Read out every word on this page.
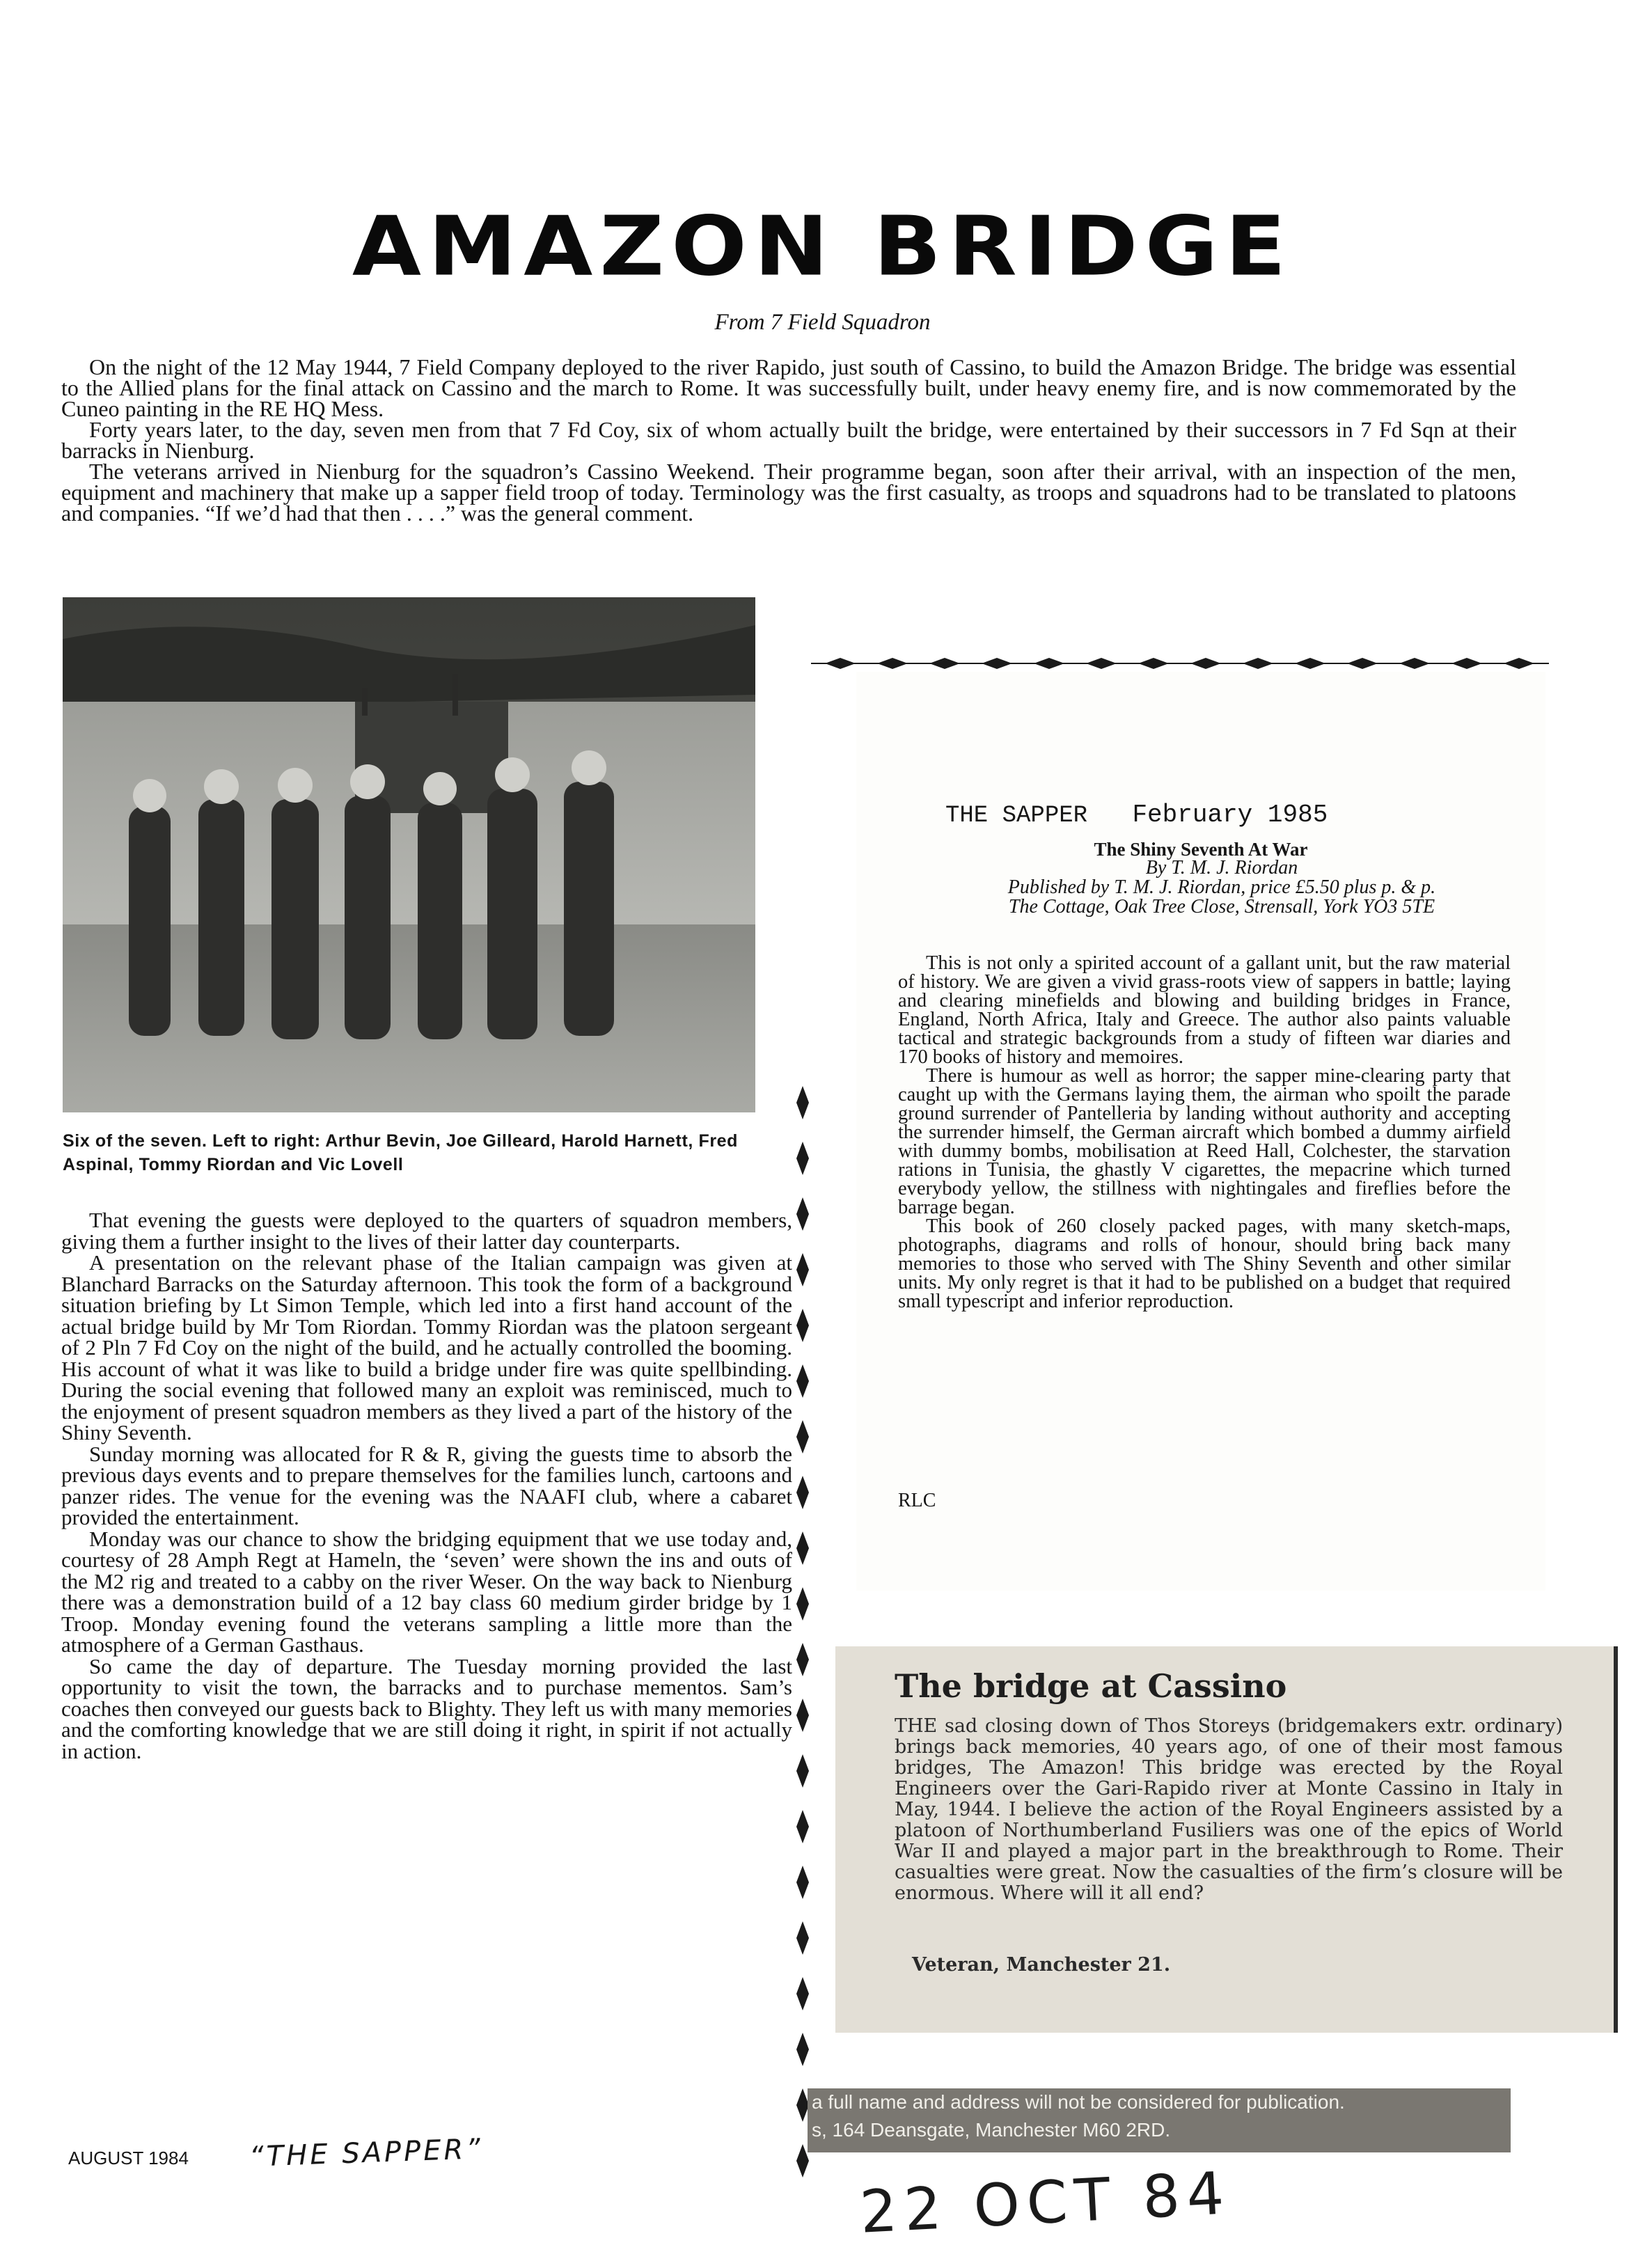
AMAZON BRIDGE
From 7 Field Squadron

On the night of the 12 May 1944, 7 Field Company deployed to the river Rapido, just south of Cassino, to build the Amazon Bridge. The bridge was essential to the Allied plans for the final attack on Cassino and the march to Rome. It was successfully built, under heavy enemy fire, and is now commemorated by the Cuneo painting in the RE HQ Mess.

Forty years later, to the day, seven men from that 7 Fd Coy, six of whom actually built the bridge, were entertained by their successors in 7 Fd Sqn at their barracks in Nienburg.

The veterans arrived in Nienburg for the squadron’s Cassino Weekend. Their programme began, soon after their arrival, with an inspection of the men, equipment and machinery that make up a sapper field troop of today. Terminology was the first casualty, as troops and squadrons had to be translated to platoons and companies. “If we’d had that then . . . .” was the general comment.

Six of the seven. Left to right: Arthur Bevin, Joe Gilleard, Harold Harnett, Fred Aspinal, Tommy Riordan and Vic Lovell

That evening the guests were deployed to the quarters of squadron members, giving them a further insight to the lives of their latter day counterparts.

A presentation on the relevant phase of the Italian campaign was given at Blanchard Barracks on the Saturday afternoon. This took the form of a background situation briefing by Lt Simon Temple, which led into a first hand account of the actual bridge build by Mr Tom Riordan. Tommy Riordan was the platoon sergeant of 2 Pln 7 Fd Coy on the night of the build, and he actually controlled the booming. His account of what it was like to build a bridge under fire was quite spellbinding. During the social evening that followed many an exploit was reminisced, much to the enjoyment of present squadron members as they lived a part of the history of the Shiny Seventh.

Sunday morning was allocated for R & R, giving the guests time to absorb the previous days events and to prepare themselves for the families lunch, cartoons and panzer rides. The venue for the evening was the NAAFI club, where a cabaret provided the entertainment.

Monday was our chance to show the bridging equipment that we use today and, courtesy of 28 Amph Regt at Hameln, the ‘seven’ were shown the ins and outs of the M2 rig and treated to a cabby on the river Weser. On the way back to Nienburg there was a demonstration build of a 12 bay class 60 medium girder bridge by 1 Troop. Monday evening found the veterans sampling a little more than the atmosphere of a German Gasthaus.

So came the day of departure. The Tuesday morning provided the last opportunity to visit the town, the barracks and to purchase mementos. Sam’s coaches then conveyed our guests back to Blighty. They left us with many memories and the comforting knowledge that we are still doing it right, in spirit if not actually in action.

AUGUST 1984 “THE SAPPER”
THE SAPPER February 1985
The Shiny Seventh At War
By T. M. J. Riordan
Published by T. M. J. Riordan, price £5.50 plus p. & p.
The Cottage, Oak Tree Close, Strensall, York YO3 5TE

This is not only a spirited account of a gallant unit, but the raw material of history. We are given a vivid grass-roots view of sappers in battle; laying and clearing minefields and blowing and building bridges in France, England, North Africa, Italy and Greece. The author also paints valuable tactical and strategic backgrounds from a study of fifteen war diaries and 170 books of history and memoires.

There is humour as well as horror; the sapper mine-clearing party that caught up with the Germans laying them, the airman who spoilt the parade ground surrender of Pantelleria by landing without authority and accepting the surrender himself, the German aircraft which bombed a dummy airfield with dummy bombs, mobilisation at Reed Hall, Colchester, the starvation rations in Tunisia, the ghastly V cigarettes, the mepacrine which turned everybody yellow, the stillness with nightingales and fireflies before the barrage began.

This book of 260 closely packed pages, with many sketch-maps, photographs, diagrams and rolls of honour, should bring back many memories to those who served with The Shiny Seventh and other similar units. My only regret is that it had to be published on a budget that required small typescript and inferior reproduction.

RLC
The bridge at Cassino
THE sad closing down of Thos Storeys (bridgemakers extr. ordinary) brings back memories, 40 years ago, of one of their most famous bridges, The Amazon! This bridge was erected by the Royal Engineers over the Gari-Rapido river at Monte Cassino in Italy in May, 1944. I believe the action of the Royal Engineers assisted by a platoon of Northumberland Fusiliers was one of the epics of World War II and played a major part in the breakthrough to Rome. Their casualties were great. Now the casualties of the firm’s closure will be enormous. Where will it all end?
Veteran, Manchester 21.
a full name and address will not be considered for publication.
s, 164 Deansgate, Manchester M60 2RD.
22 OCT 84
